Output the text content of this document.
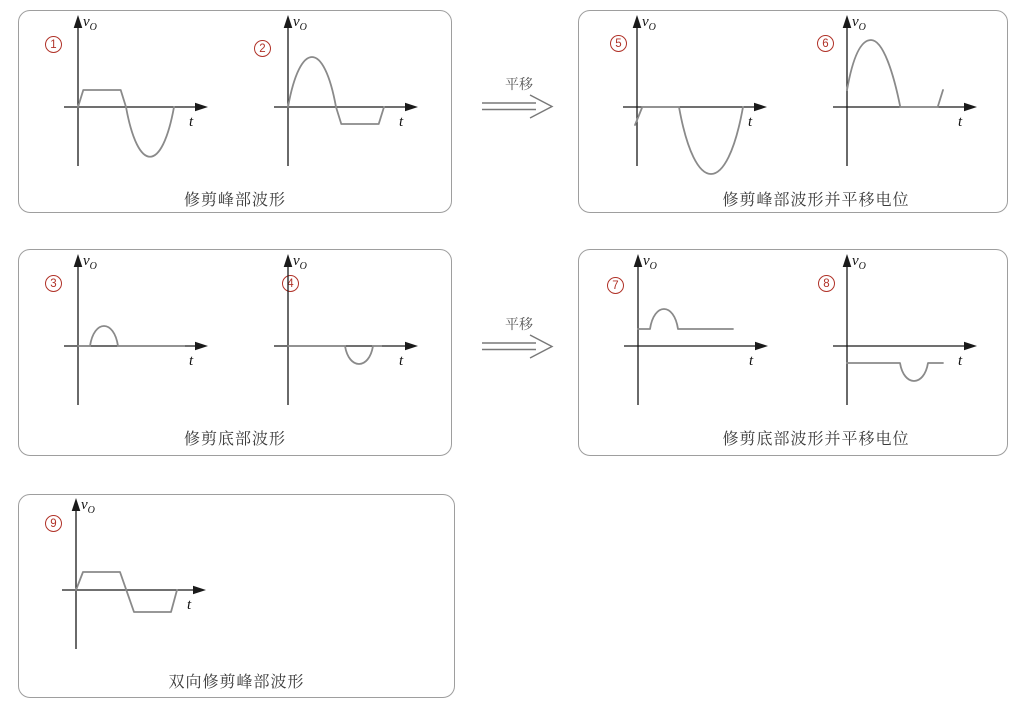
1
$v_O$
t
2
$v_O$
t
修剪峰部波形
平移
5
$v_O$
t
6
$v_O$
t
修剪峰部波形并平移电位
3
$v_O$
t
4
$v_O$
t
修剪底部波形
平移
7
$v_O$
t
8
$v_O$
t
修剪底部波形并平移电位
9
$v_O$
t
双向修剪峰部波形
